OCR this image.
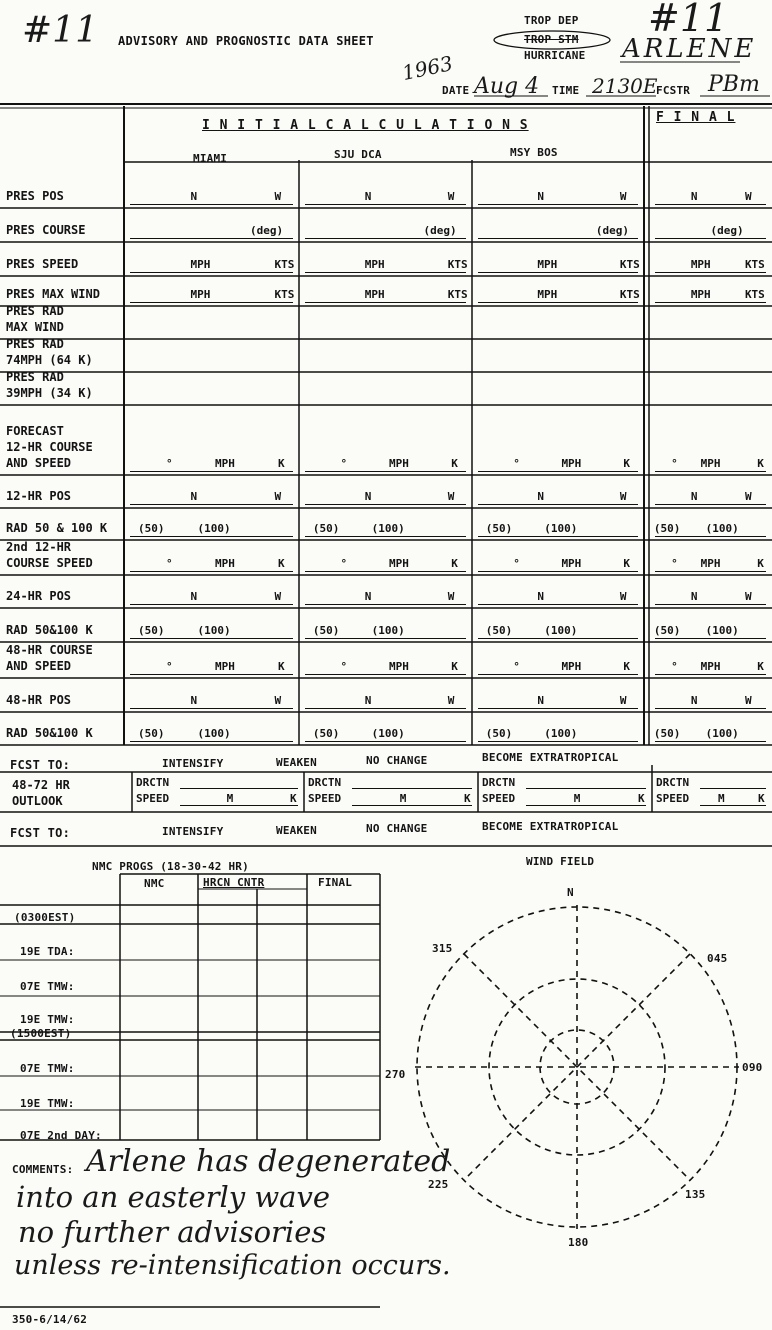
#11	#11
ADVISORY AND PROGNOSTIC DATA SHEET
TROP DEP
TROP STM
HURRICANE ARLENE
1963
DATE Aug 4 TIME 2130E
FCSTR PBm
I N I T I A L C A L C U L A T I O N S
F I N A L
MIAMI	SJU DCA	MSY BOS
PRES POS	N	W	N	W	N	W	N	W
PRES COURSE	(deg)	(deg)	(deg)	(deg)
PRES SPEED	MPH	KTS	MPH	KTS	MPH	KTS	MPH	KTS
PRES MAX WIND	MPH	KTS	MPH	KTS	MPH	KTS	MPH	KTS
PRES RAD
MAX WIND
PRES RAD
74MPH (64 K)
PRES RAD
39MPH (34 K)
FORECAST
12-HR COURSE
AND SPEED	°	MPH	K	°	MPH	K	°	MPH	K	° MPH	K
12-HR POS	N	W	N	W	N	W	N	W
RAD 50 & 100 K	(50)	(100)	(50)	(100)	(50)	(100)	(50) (100)
2nd 12-HR
COURSE SPEED	°	MPH	K	°	MPH	K	°	MPH	K	° MPH	K
24-HR POS	N	W	N	W	N	W	N	W
RAD 50&100 K	(50)	(100)	(50)	(100)	(50)	(100)	(50) (100)
48-HR COURSE
AND SPEED	°	MPH	K	°	MPH	K	°	MPH	K	° MPH	K
48-HR POS	N	W	N	W	N	W	N	W
RAD 50&100 K	(50)	(100)	(50)	(100)	(50)	(100)	(50) (100)
FCST TO:	INTENSIFY	WEAKEN	NO CHANGE	BECOME EXTRATROPICAL
48-72 HR
OUTLOOK
DRCTN
SPEED	M	K
DRCTN
SPEED	M	K
DRCTN
SPEED	M	K
DRCTN
SPEED	M	K
FCST TO:	INTENSIFY	WEAKEN	NO CHANGE	BECOME EXTRATROPICAL
NMC PROGS (18-30-42 HR)
NMC	HRCN CNTR	FINAL
(0300EST)
19E TDA:
07E TMW:
19E TMW:
(1500EST)
07E TMW:
19E TMW:
07E 2nd DAY:
WIND FIELD
N
045
090
135
180
225
270
315
COMMENTS: Arlene has degenerated
into an easterly wave
no further advisories
unless re-intensification occurs.
350-6/14/62
